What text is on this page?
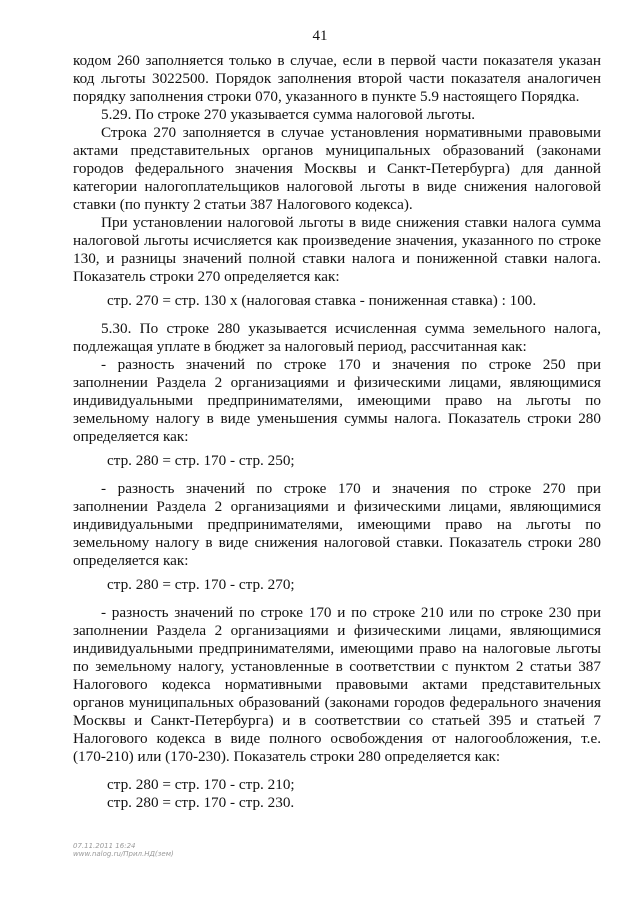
41
кодом 260 заполняется только в случае, если в первой части показателя указан
код льготы 3022500. Порядок заполнения второй части показателя аналогичен
порядку заполнения строки 070, указанного в пункте 5.9 настоящего Порядка.
5.29. По строке 270 указывается сумма налоговой льготы.
Строка 270 заполняется в случае установления нормативными правовыми
актами представительных органов муниципальных образований (законами
городов федерального значения Москвы и Санкт-Петербурга) для данной
категории налогоплательщиков налоговой льготы в виде снижения налоговой
ставки (по пункту 2 статьи 387 Налогового кодекса).
При установлении налоговой льготы в виде снижения ставки налога сумма
налоговой льготы исчисляется как произведение значения, указанного по строке
130, и разницы значений полной ставки налога и пониженной ставки налога.
Показатель строки 270 определяется как:
5.30. По строке 280 указывается исчисленная сумма земельного налога,
подлежащая уплате в бюджет за налоговый период, рассчитанная как:
- разность значений по строке 170 и значения по строке 250 при
заполнении Раздела 2 организациями и физическими лицами, являющимися
индивидуальными предпринимателями, имеющими право на льготы по
земельному налогу в виде уменьшения суммы налога. Показатель строки 280
определяется как:
- разность значений по строке 170 и значения по строке 270 при
заполнении Раздела 2 организациями и физическими лицами, являющимися
индивидуальными предпринимателями, имеющими право на льготы по
земельному налогу в виде снижения налоговой ставки. Показатель строки 280
определяется как:
- разность значений по строке 170 и по строке 210 или по строке 230 при
заполнении Раздела 2 организациями и физическими лицами, являющимися
индивидуальными предпринимателями, имеющими право на налоговые льготы
по земельному налогу, установленные в соответствии с пунктом 2 статьи 387
Налогового кодекса нормативными правовыми актами представительных
органов муниципальных образований (законами городов федерального значения
Москвы и Санкт-Петербурга) и в соответствии со статьей 395 и статьей 7
Налогового кодекса в виде полного освобождения от налогообложения, т.е.
(170-210) или (170-230). Показатель строки 280 определяется как:
стр. 270 = стр. 130 х (налоговая ставка - пониженная ставка) : 100.
стр. 280 = стр. 170 - стр. 250;
стр. 280 = стр. 170 - стр. 270;
стр. 280 = стр. 170 - стр. 210;
стр. 280 = стр. 170 - стр. 230.
07.11.2011 16:24
www.nalog.ru/Прил.НД(зем)
